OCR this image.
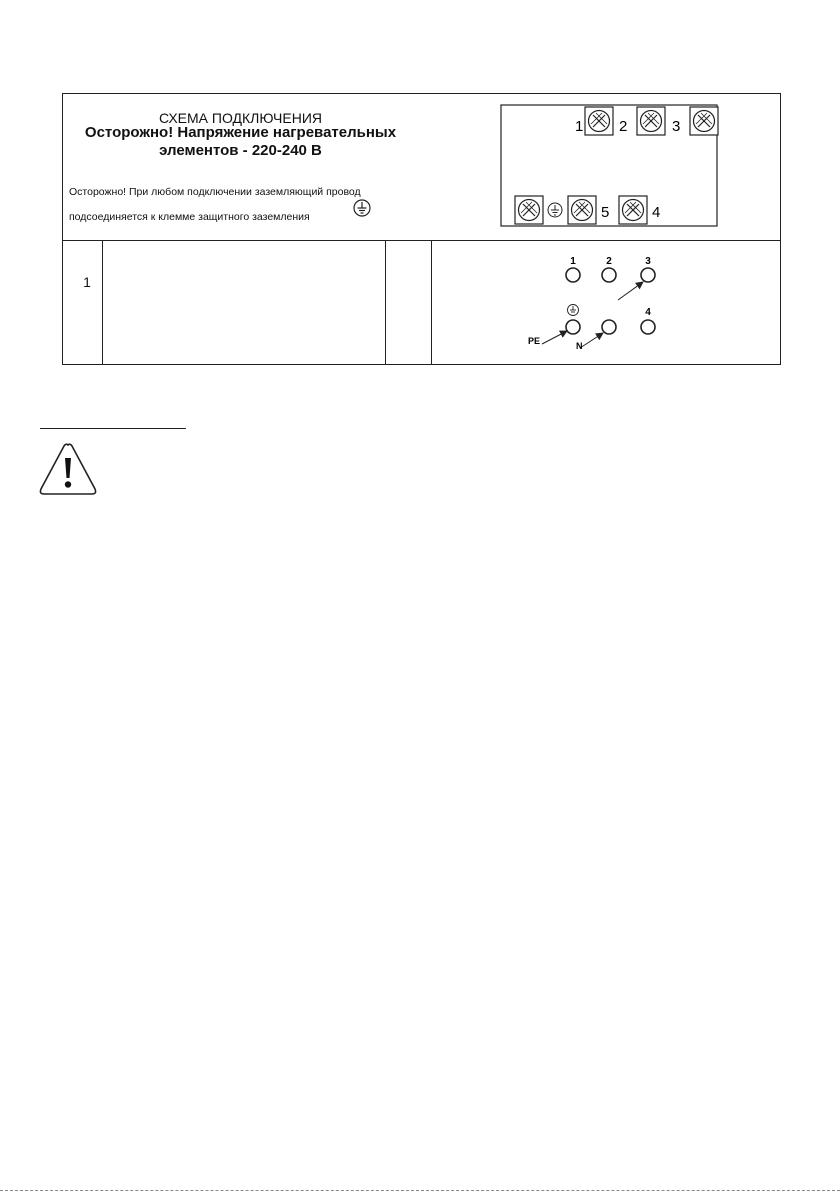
СХЕМА ПОДКЛЮЧЕНИЯ
Осторожно! Напряжение нагревательных элементов - 220-240 В
Осторожно! При любом подключении заземляющий провод
подсоединяется к клемме защитного заземления
1 2	3
5	4
1
1	2	3
4
PE	N
